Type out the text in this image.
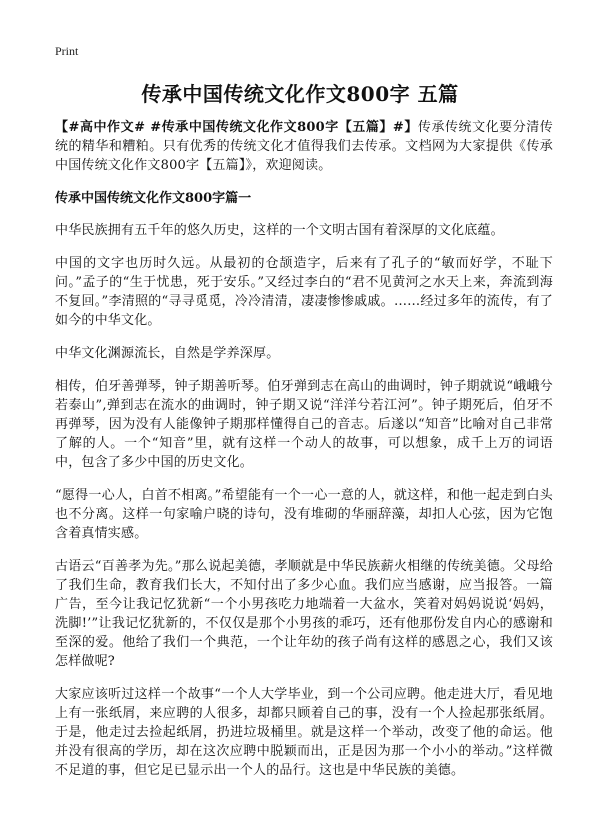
Print
传承中国传统文化作文800字 五篇

【#高中作文# #传承中国传统文化作文800字【五篇】#】传承传统文化要分清传统的精华和糟粕。只有优秀的传统文化才值得我们去传承。文档网为大家提供《传承中国传统文化作文800字【五篇】》，欢迎阅读。

传承中国传统文化作文800字篇一

中华民族拥有五千年的悠久历史，这样的一个文明古国有着深厚的文化底蕴。

中国的文字也历时久远。从最初的仓颉造字，后来有了孔子的“敏而好学，不耻下问。”孟子的“生于忧患，死于安乐。”又经过李白的“君不见黄河之水天上来，奔流到海不复回。”李清照的“寻寻觅觅，冷冷清清，凄凄惨惨戚戚。……经过多年的流传，有了如今的中华文化。

中华文化渊源流长，自然是学养深厚。

相传，伯牙善弹琴，钟子期善听琴。伯牙弹到志在高山的曲调时，钟子期就说“峨峨兮若泰山”,弹到志在流水的曲调时，钟子期又说“洋洋兮若江河”。钟子期死后，伯牙不再弹琴，因为没有人能像钟子期那样懂得自己的音志。后遂以“知音”比喻对自己非常了解的人。一个“知音”里，就有这样一个动人的故事，可以想象，成千上万的词语中，包含了多少中国的历史文化。

“愿得一心人，白首不相离。”希望能有一个一心一意的人，就这样，和他一起走到白头也不分离。这样一句家喻户晓的诗句，没有堆砌的华丽辞藻，却扣人心弦，因为它饱含着真情实感。

古语云“百善孝为先。”那么说起美德，孝顺就是中华民族薪火相继的传统美德。父母给了我们生命，教育我们长大，不知付出了多少心血。我们应当感谢，应当报答。一篇广告，至今让我记忆犹新“一个小男孩吃力地端着一大盆水，笑着对妈妈说说‘妈妈，洗脚!’”让我记忆犹新的，不仅仅是那个小男孩的乖巧，还有他那份发自内心的感谢和至深的爱。他给了我们一个典范，一个让年幼的孩子尚有这样的感恩之心，我们又该怎样做呢?

大家应该听过这样一个故事“一个人大学毕业，到一个公司应聘。他走进大厅，看见地上有一张纸屑，来应聘的人很多，却都只顾着自己的事，没有一个人捡起那张纸屑。于是，他走过去捡起纸屑，扔进垃圾桶里。就是这样一个举动，改变了他的命运。他并没有很高的学历，却在这次应聘中脱颖而出，正是因为那一个小小的举动。”这样微不足道的事，但它足已显示出一个人的品行。这也是中华民族的美德。
